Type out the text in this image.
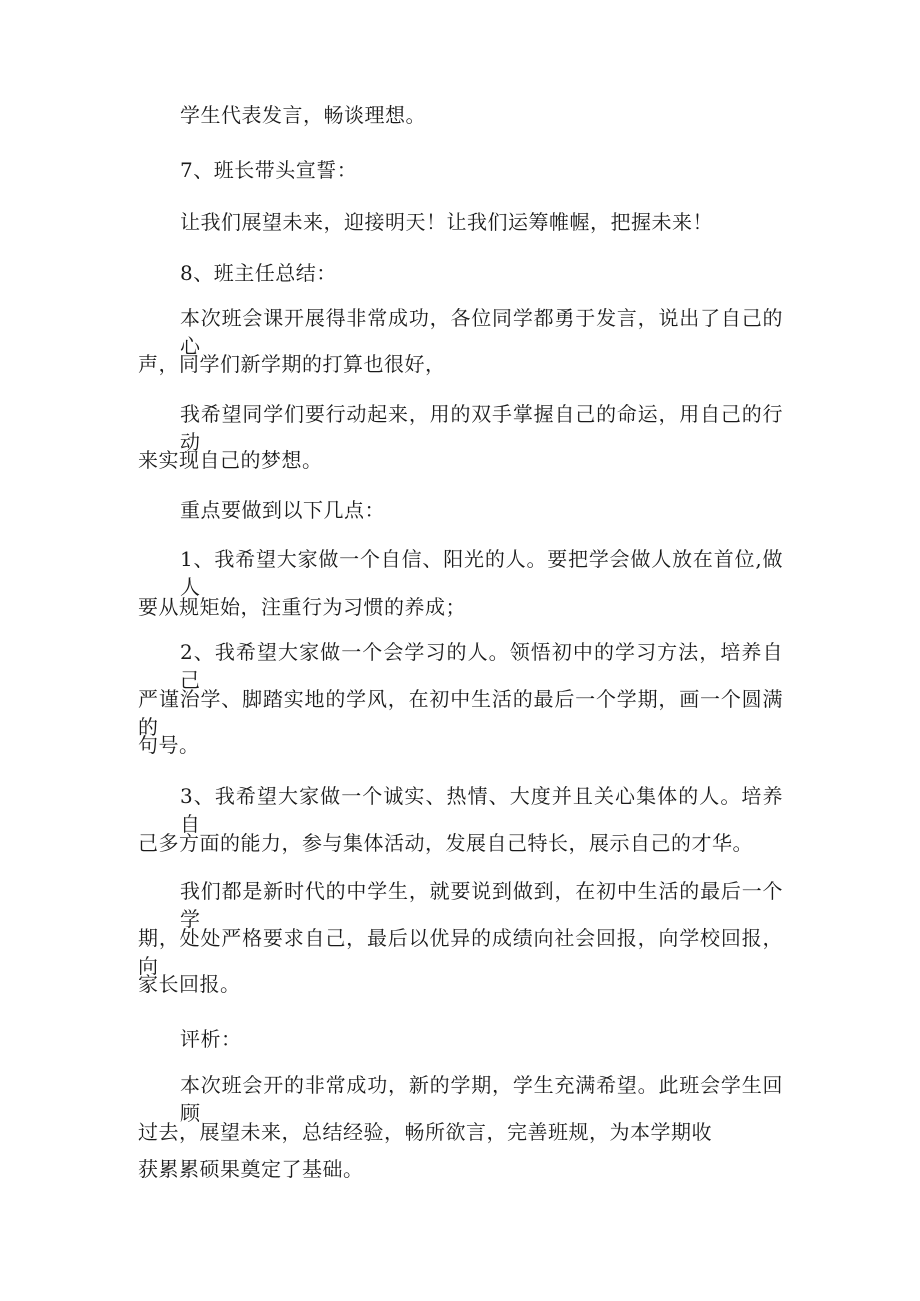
学生代表发言，畅谈理想。
7、班长带头宣誓：
让我们展望未来，迎接明天！让我们运筹帷幄，把握未来！
8、班主任总结：
本次班会课开展得非常成功，各位同学都勇于发言，说出了自己的心
声，同学们新学期的打算也很好，
我希望同学们要行动起来，用的双手掌握自己的命运，用自己的行动
来实现自己的梦想。
重点要做到以下几点：
1、我希望大家做一个自信、阳光的人。要把学会做人放在首位,做人
要从规矩始，注重行为习惯的养成；
2、我希望大家做一个会学习的人。领悟初中的学习方法，培养自己
严谨治学、脚踏实地的学风，在初中生活的最后一个学期，画一个圆满的
句号。
3、我希望大家做一个诚实、热情、大度并且关心集体的人。培养自
己多方面的能力，参与集体活动，发展自己特长，展示自己的才华。
我们都是新时代的中学生，就要说到做到，在初中生活的最后一个学
期，处处严格要求自己，最后以优异的成绩向社会回报，向学校回报，向
家长回报。
评析：
本次班会开的非常成功，新的学期，学生充满希望。此班会学生回顾
过去，展望未来，总结经验，畅所欲言，完善班规，为本学期收
获累累硕果奠定了基础。
